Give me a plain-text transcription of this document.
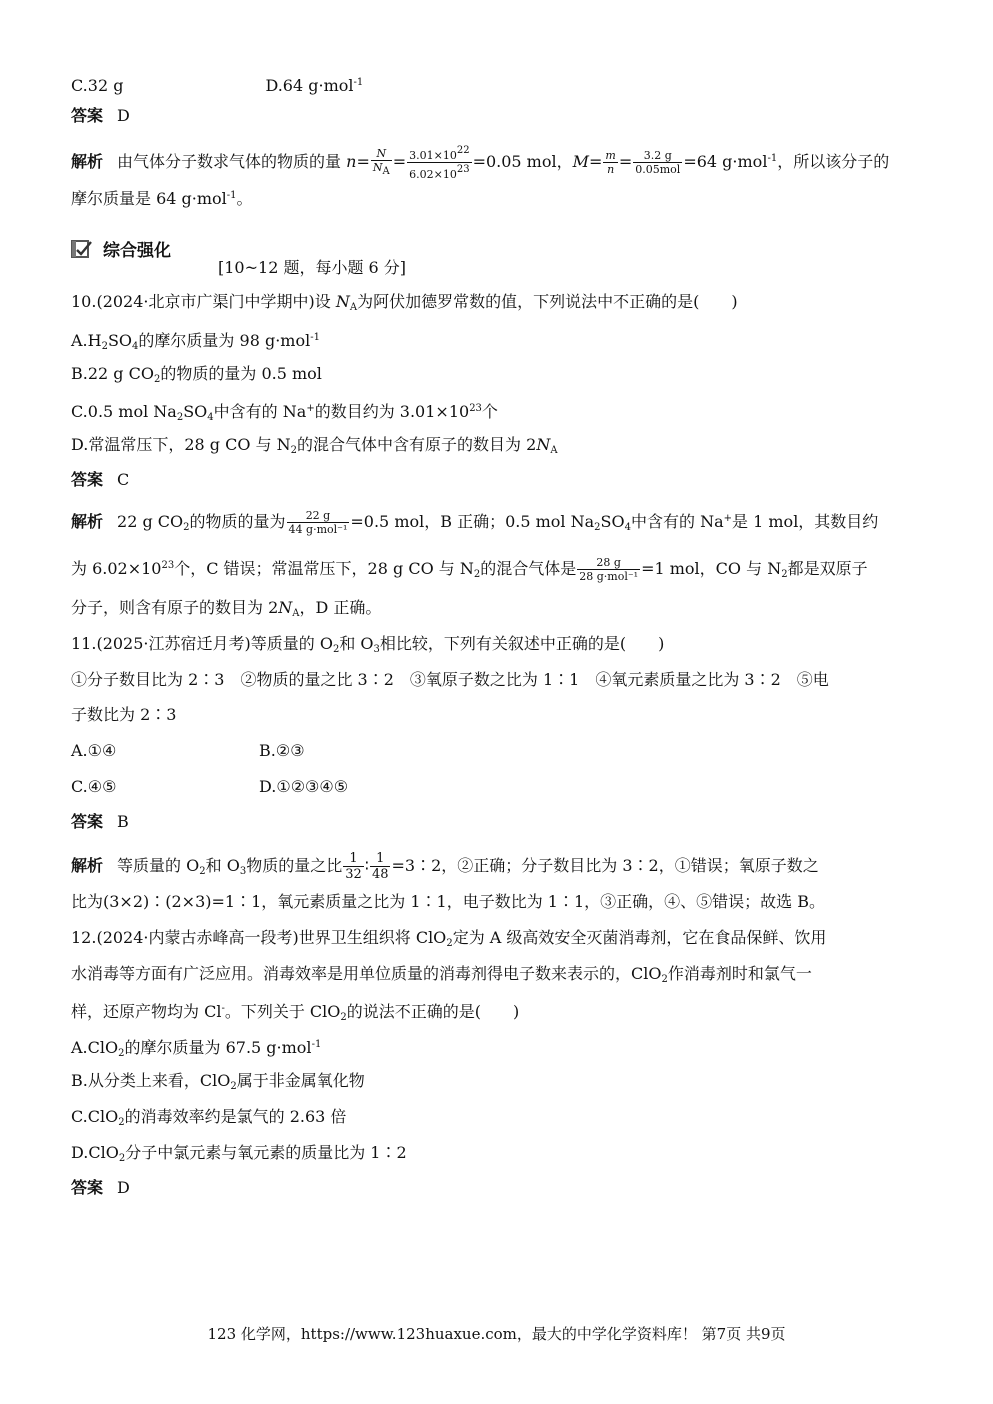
C.32 g	D.64 g·mol$^{-1}$
答案 D
解析 由气体分子数求气体的物质的量 $n= \frac{N}{N_A} = \frac{3.01\times 10^{22}}{6.02\times 10^{23}} =0.05$ mol，$M= \frac{m}{n} = \frac{3.2 g}{\text{0.05mol}} =64$ g·mol$^{-1}$，所以该分子的
摩尔质量是 64 g·mol$^{-1}$。
综合强化
[10~12 题，每小题 6 分]
10.(2024·北京市广渠门中学期中)设 $N_A$为阿伏加德罗常数的值，下列说法中不正确的是(　　)
$A.H_2SO_4$的摩尔质量为 98 g·mol$^{-1}$
B.22 g $CO_2$的物质的量为 0.5 mol
C.0.5 mol $Na_2SO_4$中含有的 Na+的数目约为 $3.01\times 10^{23}$个
D.常温常压下，28 g CO 与 $N_2$的混合气体中含有原子的数目为 $2N_A$
答案 C
解析 22 g $CO_2$的物质的量为 $\frac{22 g}{\text{44 g·mol⁻¹}} =0.5$ mol，B 正确；0.5 mol $Na_2SO_4$中含有的 Na+是 1 mol，其数目约
为 $6.02\times 10^{23}$个，C 错误；常温常压下，28 g CO 与 $N_2$的混合气体是 $\frac{28 g}{\text{28 g·mol⁻¹}} =1$ mol，CO 与 $N_2$都是双原子
分子，则含有原子的数目为 $2N_A$，D 正确。
11.(2025·江苏宿迁月考)等质量的 $O_2$和 $O_3$相比较，下列有关叙述中正确的是(　　)
①分子数目比为 2∶3　②物质的量之比 3∶2　③氧原子数之比为 1∶1　④氧元素质量之比为 3∶2　⑤电
子数比为 2∶3
A.①④	B.②③
C.④⑤	D.①②③④⑤
答案 B
解析 等质量的 $O_2$和 $O_3$物质的量之比 $\frac{1}{32}$ ∶ $\frac{1}{48}$ =3∶2，②正确；分子数目比为 3∶2，①错误；氧原子数之
比为(3×2)∶(2×3)=1∶1，氧元素质量之比为 1∶1，电子数比为 1∶1，③正确，④、⑤错误；故选 B。
12.(2024·内蒙古赤峰高一段考)世界卫生组织将 ClO$_2$定为 A 级高效安全灭菌消毒剂，它在食品保鲜、饮用
水消毒等方面有广泛应用。消毒效率是用单位质量的消毒剂得电子数来表示的，ClO$_2$作消毒剂时和氯气一
样，还原产物均为 Cl-。下列关于 ClO$_2$的说法不正确的是(　　)
A.ClO$_2$的摩尔质量为 67.5 g·mol$^{-1}$
B.从分类上来看，ClO$_2$属于非金属氧化物
C.ClO$_2$的消毒效率约是氯气的 2.63 倍
D.ClO$_2$分子中氯元素与氧元素的质量比为 1∶2
答案 D
123 化学网，https://www.123huaxue.com，最大的中学化学资料库！ 第7页 共9页
